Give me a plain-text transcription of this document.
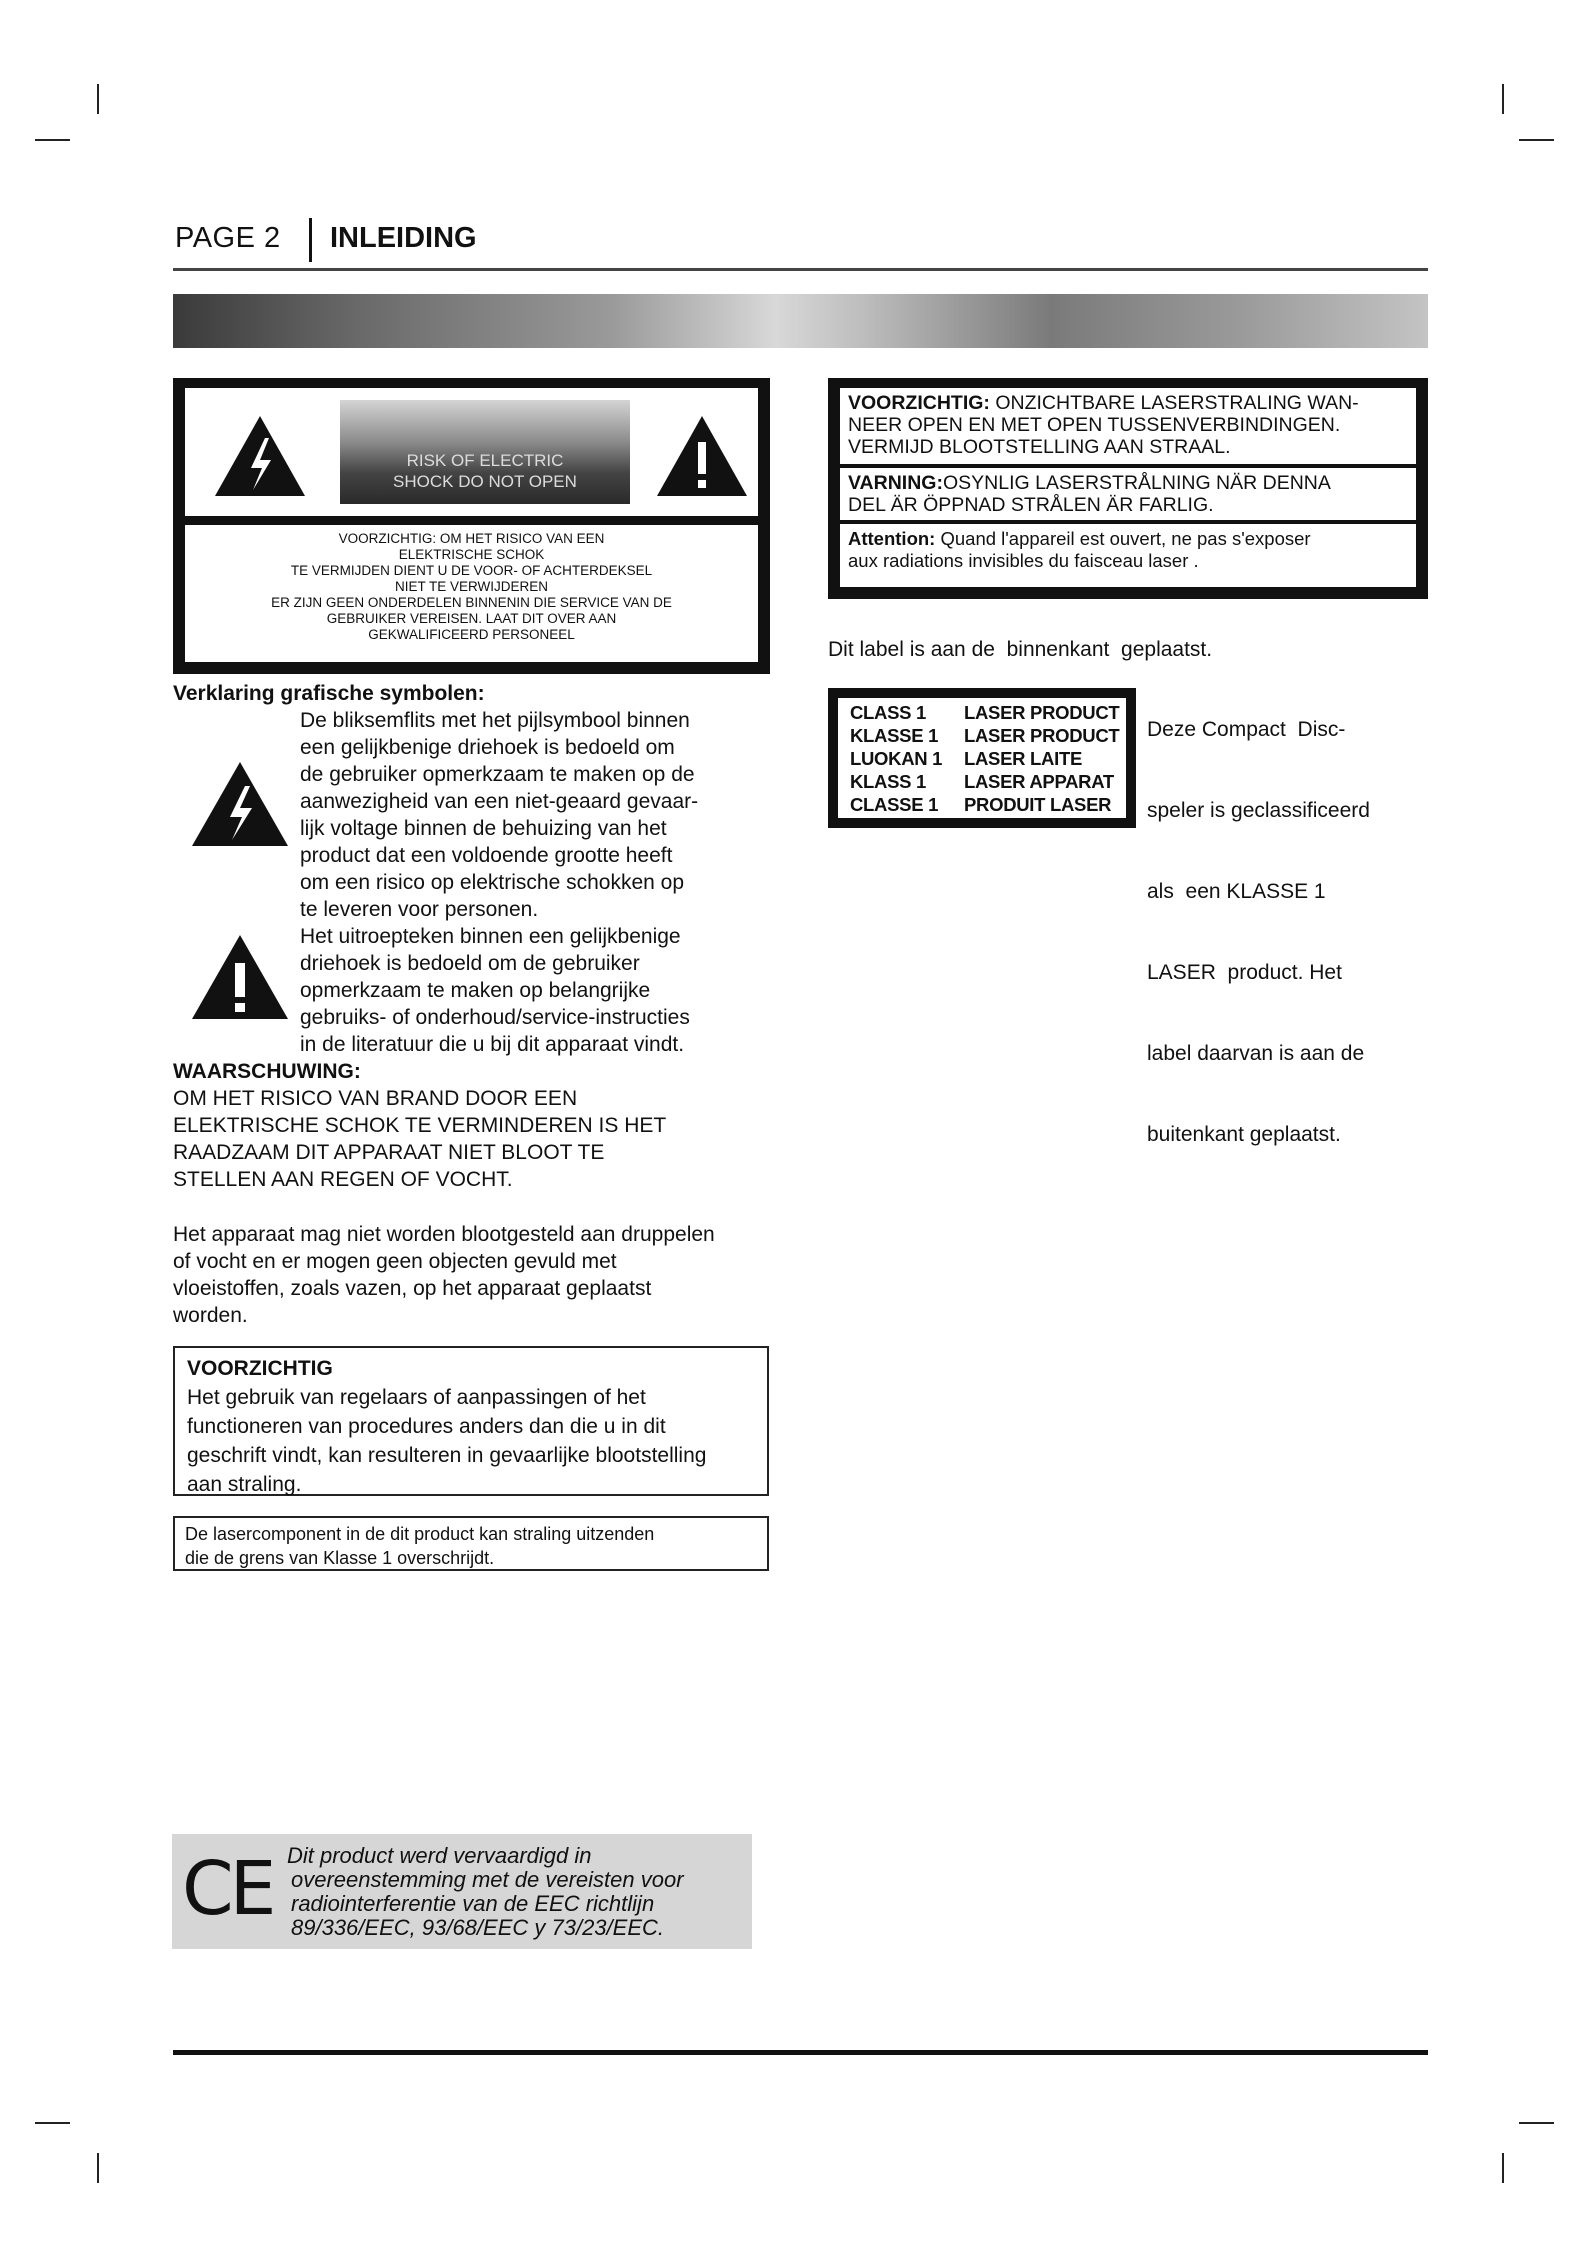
PAGE 2 INLEIDING
RISK OF ELECTRIC
SHOCK DO NOT OPEN
VOORZICHTIG: OM HET RISICO VAN EEN
ELEKTRISCHE SCHOK
TE VERMIJDEN DIENT U DE VOOR- OF ACHTERDEKSEL
NIET TE VERWIJDEREN
ER ZIJN GEEN ONDERDELEN BINNENIN DIE SERVICE VAN DE
GEBRUIKER VEREISEN. LAAT DIT OVER AAN
GEKWALIFICEERD PERSONEEL
Verklaring grafische symbolen:
De bliksemflits met het pijlsymbool binnen
een gelijkbenige driehoek is bedoeld om
de gebruiker opmerkzaam te maken op de
aanwezigheid van een niet-geaard gevaar-
lijk voltage binnen de behuizing van het
product dat een voldoende grootte heeft
om een risico op elektrische schokken op
te leveren voor personen.
Het uitroepteken binnen een gelijkbenige
driehoek is bedoeld om de gebruiker
opmerkzaam te maken op belangrijke
gebruiks- of onderhoud/service-instructies
in de literatuur die u bij dit apparaat vindt.
WAARSCHUWING:
OM HET RISICO VAN BRAND DOOR EEN
ELEKTRISCHE SCHOK TE VERMINDEREN IS HET
RAADZAAM DIT APPARAAT NIET BLOOT TE
STELLEN AAN REGEN OF VOCHT.
Het apparaat mag niet worden blootgesteld aan druppelen
of vocht en er mogen geen objecten gevuld met
vloeistoffen, zoals vazen, op het apparaat geplaatst
worden.
VOORZICHTIG
Het gebruik van regelaars of aanpassingen of het
functioneren van procedures anders dan die u in dit
geschrift vindt, kan resulteren in gevaarlijke blootstelling
aan straling.
De lasercomponent in de dit product kan straling uitzenden
die de grens van Klasse 1 overschrijdt.
CE Dit product werd vervaardigd in
overeenstemming met de vereisten voor
radiointerferentie van de EEC richtlijn
89/336/EEC, 93/68/EEC y 73/23/EEC.
VOORZICHTIG: ONZICHTBARE LASERSTRALING WAN-
NEER OPEN EN MET OPEN TUSSENVERBINDINGEN.
VERMIJD BLOOTSTELLING AAN STRAAL.
VARNING:OSYNLIG LASERSTRÅLNING NÄR DENNA
DEL ÄR ÖPPNAD STRÅLEN ÄR FARLIG.
Attention: Quand l'appareil est ouvert, ne pas s'exposer
aux radiations invisibles du faisceau laser .
Dit label is aan de  binnenkant  geplaatst.
CLASS 1 LASER PRODUCT
KLASSE 1 LASER PRODUCT
LUOKAN 1 LASER LAITE
KLASS 1 LASER APPARAT
CLASSE 1 PRODUIT LASER

Deze Compact  Disc-

speler is geclassificeerd

als  een KLASSE 1

LASER  product. Het

label daarvan is aan de

buitenkant geplaatst.
